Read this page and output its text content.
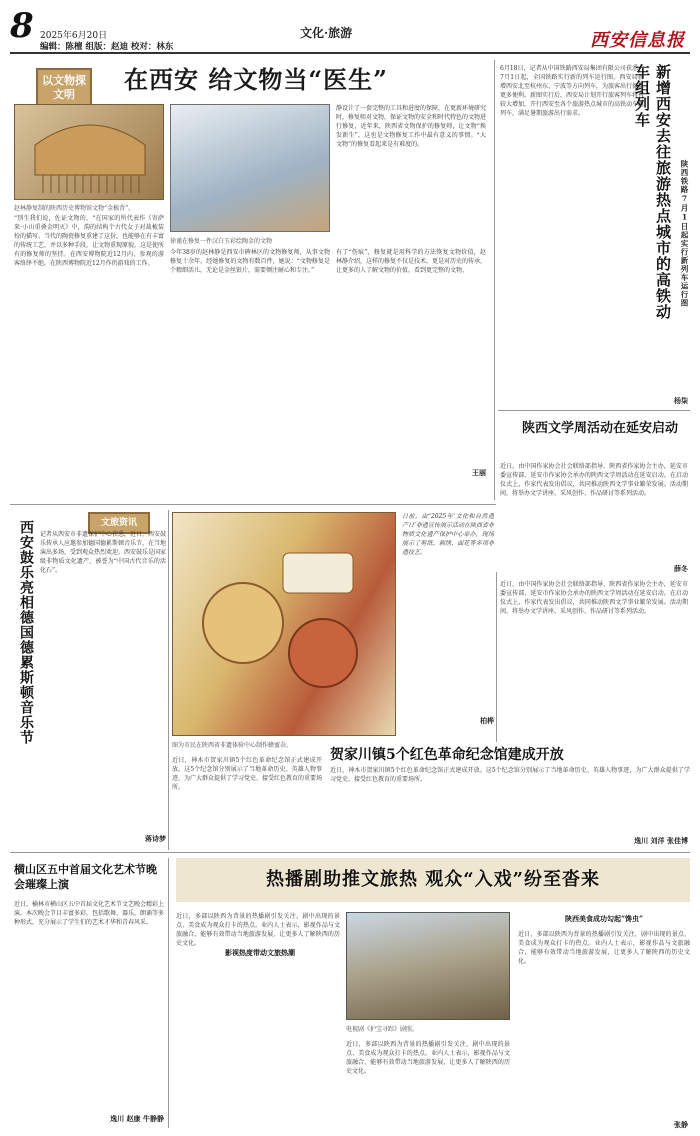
8 2025年6月20日
编辑：陈檀 组版：赵迪 校对：林东
文化·旅游	西安信息报
以文物探文明
在西安 给文物当“医生”
赵林静复制的陕西历史博物馆文物“金梳背”。
徐谨在修复一件汉白玉彩绘陶金的文物
“别生我们说，佐证文物的，“在国家的所代表作《寄萨来·小山重叠金明灭》中，韵的结构个古代女子对裁梳装扮的描写。当代的陶瓷修复重建了这份，也能够在有丰富的传统工艺，并以多种手段，让文物重现原貌，这是使所有的修复师的坚持。在西安博物院近12月内，参观的游客络绎不绝。在陕西博物院近12月作仍游戏的工作。
静设计了一套完整的工具和进度的保障，在更新环境研究时，修复师对文物，保证文物的安全和时代特色的文物进行修复，近年来，陕西省文物保护的修复师，让文物“焕发新生”，这也是文物修复工作中最有意义的事情。“大文物”的修复看起来是有难度的。
有了“伤痕”，修复就是用科学的方法恢复文物价值，赵林静介绍，这样的修复不仅是技术，更是对历史的传承，让更多的人了解文物的价值，看到更完整的文物。
今年38岁的赵林静是西安市碑林区的文物修复师，从事文物修复十余年，经她修复的文物有数百件，她说：“文物修复是个精细活儿，无论是金丝银片，需要倾注耐心和专注。”
王丽
新增西安去往旅游热点城市的高铁动车组列车
陕西铁路7月1日起实行新列车运行图
6月18日，记者从中国铁路西安局集团有限公司获悉，7月1日起，全国铁路实行新的列车运行图。西安局新增西安北至杭州东、宁波等方向列车，为旅客出行提供更多便利。新图实行后，西安局计划开行旅客列车将有较大增加，开行西安至各个旅游热点城市的高铁动车组列车，满足暑期旅游出行需求。
杨柒
陕西文学周活动在延安启动
近日，由中国作家协会社会联络部指导、陕西省作家协会主办，延安市委宣传部、延安市作家协会承办的陕西文学周活动在延安启动。在启动仪式上，作家代表发出倡议，共同推动陕西文学事业繁荣发展。活动期间，将举办文学讲座、采风创作、作品研讨等系列活动。
薛冬
文旅资讯
西安鼓乐亮相德国德累斯顿音乐节	记者从西安市非遗保护中心获悉，近日，西安鼓乐传承人应邀参加德国德累斯顿音乐节，在当地演出多场，受到观众热烈欢迎。西安鼓乐是国家级非物质文化遗产，被誉为“中国古代音乐的活化石”。
蒋诗梦
图为市民在陕西省非遗体验中心制作蜂蜜杂。
日前，由“2025年‘文化和自然遗产日’非遗宣传展示活动在陕西省非物质文化遗产保护中心举办，现场展示了剪纸、刺绣、面花等多项非遗技艺。
柏桦
近日，神木市贺家川镇5个红色革命纪念馆正式建成开放。这5个纪念馆分别展示了当地革命历史、英雄人物事迹，为广大群众提供了学习党史、接受红色教育的重要场所。
贺家川镇5个红色革命纪念馆建成开放
近日，神木市贺家川镇5个红色革命纪念馆正式建成开放。这5个纪念馆分别展示了当地革命历史、英雄人物事迹，为广大群众提供了学习党史、接受红色教育的重要场所。
逸川 刘洋 张佳博
近日，由中国作家协会社会联络部指导、陕西省作家协会主办，延安市委宣传部、延安市作家协会承办的陕西文学周活动在延安启动。在启动仪式上，作家代表发出倡议，共同推动陕西文学事业繁荣发展。活动期间，将举办文学讲座、采风创作、作品研讨等系列活动。
横山区五中首届文化艺术节晚会璀璨上演
近日，榆林市横山区五中首届文化艺术节文艺晚会精彩上演。本次晚会节目丰富多彩，包括歌舞、器乐、朗诵等多种形式，充分展示了学生们的艺术才华和青春风采。
逸川 赵康 牛静静
热播剧助推文旅热 观众“入戏”纷至沓来
近日，多部以陕西为背景的热播剧引发关注，剧中出现的景点、美食成为观众打卡的热点。业内人士表示，影视作品与文旅融合，能够有效带动当地旅游发展，让更多人了解陕西的历史文化。
影视热度带动文旅热潮
电视剧《护宝寻踪》剧照。
近日，多部以陕西为背景的热播剧引发关注，剧中出现的景点、美食成为观众打卡的热点。业内人士表示，影视作品与文旅融合，能够有效带动当地旅游发展，让更多人了解陕西的历史文化。
陕西美食成功勾起“馋虫”
近日，多部以陕西为背景的热播剧引发关注，剧中出现的景点、美食成为观众打卡的热点。业内人士表示，影视作品与文旅融合，能够有效带动当地旅游发展，让更多人了解陕西的历史文化。
张静
